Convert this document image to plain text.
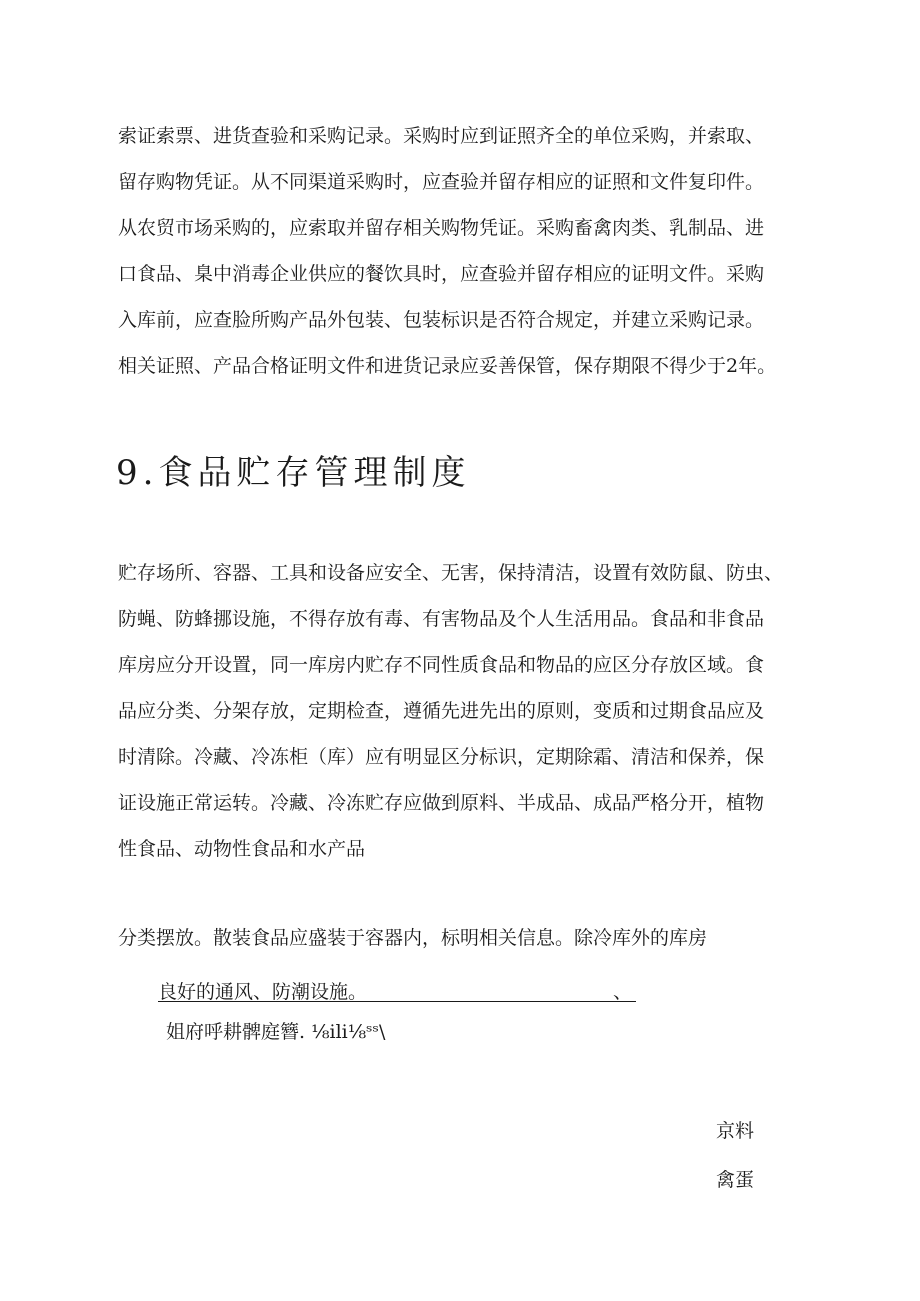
索证索票、进货查验和采购记录。采购时应到证照齐全的单位采购，并索取、
留存购物凭证。从不同渠道采购时，应查验并留存相应的证照和文件复印件。
从农贸市场采购的，应索取并留存相关购物凭证。采购畜禽肉类、乳制品、进
口食品、臬中消毒企业供应的餐饮具时，应查验并留存相应的证明文件。采购
入库前，应查脸所购产品外包装、包装标识是否符合规定，并建立采购记录。
相关证照、产品合格证明文件和进货记录应妥善保管，保存期限不得少于2年。
9.食品贮存管理制度
贮存场所、容器、工具和设备应安全、无害，保持清洁，设置有效防鼠、防虫、
防蝇、防蜂挪设施，不得存放有毒、有害物品及个人生活用品。食品和非食品
库房应分开设置，同一库房内贮存不同性质食品和物品的应区分存放区域。食
品应分类、分架存放，定期检查，遵循先进先出的原则，变质和过期食品应及
时清除。冷藏、冷冻柜（库）应有明显区分标识，定期除霜、清洁和保养，保
证设施正常运转。冷藏、冷冻贮存应做到原料、半成品、成品严格分开，植物
性食品、动物性食品和水产品
分类摆放。散装食品应盛装于容器内，标明相关信息。除冷库外的库房
良好的通风、防潮设施。	、
姐府呼耕髀庭簪. ⅛ili⅛ˢˢ\
京料
禽蛋
